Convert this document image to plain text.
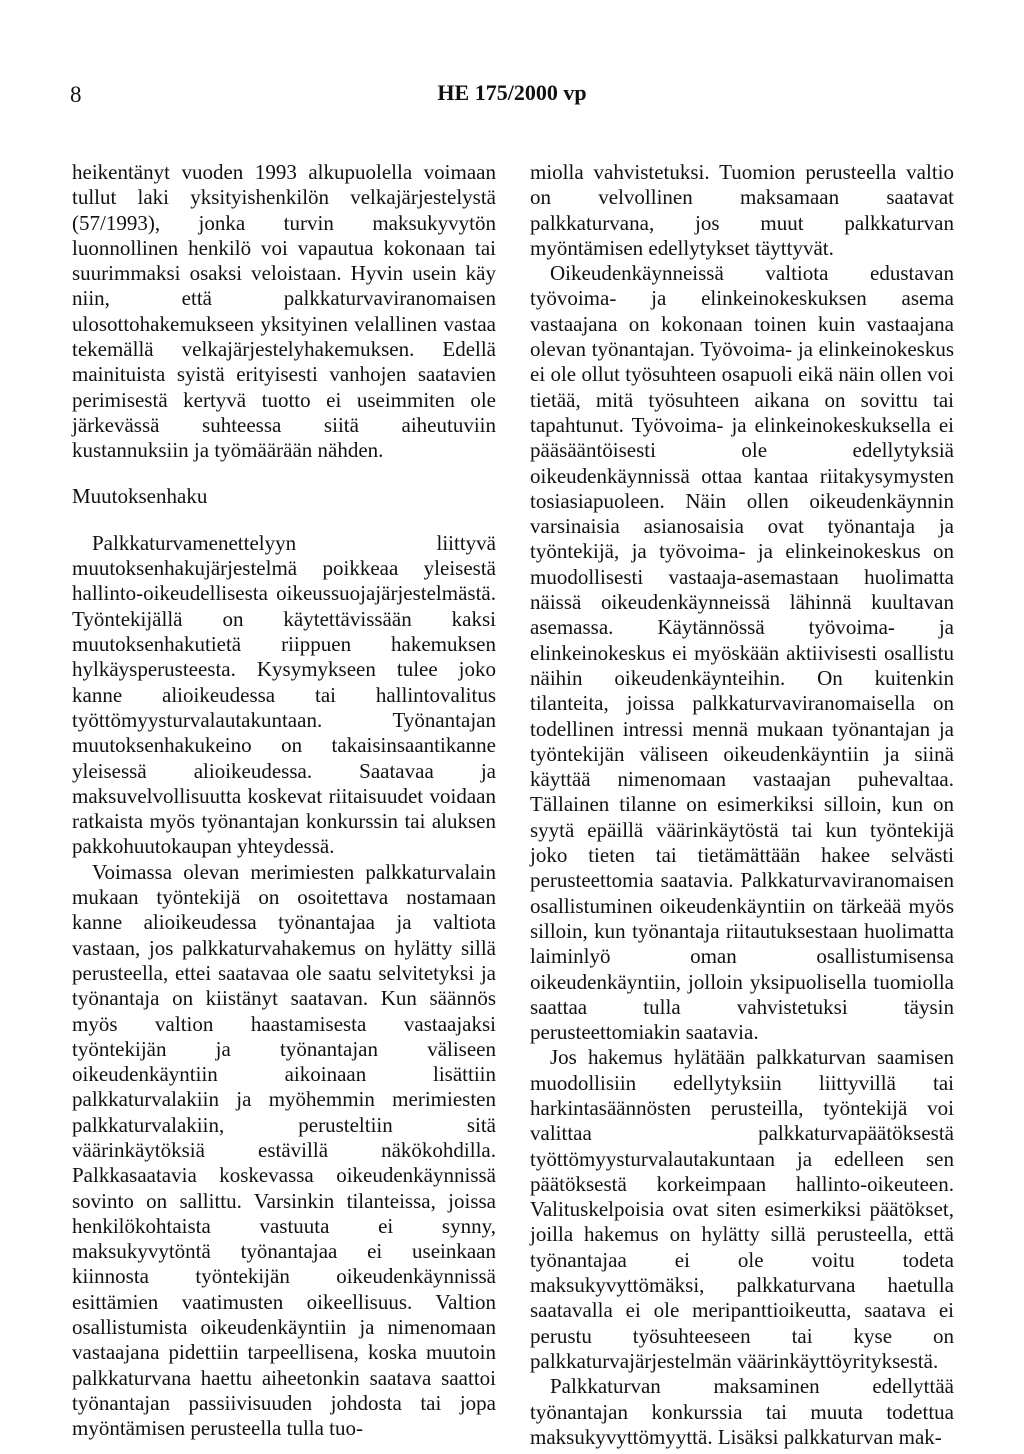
8	HE 175/2000 vp

heikentänyt vuoden 1993 alkupuolella voimaan tullut laki yksityishenkilön velkajärjestelystä (57/1993), jonka turvin maksukyvytön luonnollinen henkilö voi vapautua kokonaan tai suurimmaksi osaksi veloistaan. Hyvin usein käy niin, että palkkaturvaviranomaisen ulosottohakemukseen yksityinen velallinen vastaa tekemällä velkajärjestelyhakemuksen. Edellä mainituista syistä erityisesti vanhojen saatavien perimisestä kertyvä tuotto ei useimmiten ole järkevässä suhteessa siitä aiheutuviin kustannuksiin ja työmäärään nähden.

Muutoksenhaku

Palkkaturvamenettelyyn liittyvä muutoksenhakujärjestelmä poikkeaa yleisestä hallinto-oikeudellisesta oikeussuojajärjestelmästä. Työntekijällä on käytettävissään kaksi muutoksenhakutietä riippuen hakemuksen hylkäysperusteesta. Kysymykseen tulee joko kanne alioikeudessa tai hallintovalitus työttömyysturvalautakuntaan. Työnantajan muutoksenhakukeino on takaisinsaantikanne yleisessä alioikeudessa. Saatavaa ja maksuvelvollisuutta koskevat riitaisuudet voidaan ratkaista myös työnantajan konkurssin tai aluksen pakkohuutokaupan yhteydessä.

Voimassa olevan merimiesten palkkaturvalain mukaan työntekijä on osoitettava nostamaan kanne alioikeudessa työnantajaa ja valtiota vastaan, jos palkkaturvahakemus on hylätty sillä perusteella, ettei saatavaa ole saatu selvitetyksi ja työnantaja on kiistänyt saatavan. Kun säännös myös valtion haastamisesta vastaajaksi työntekijän ja työnantajan väliseen oikeudenkäyntiin aikoinaan lisättiin palkkaturvalakiin ja myöhemmin merimiesten palkkaturvalakiin, perusteltiin sitä väärinkäytöksiä estävillä näkökohdilla. Palkkasaatavia koskevassa oikeudenkäynnissä sovinto on sallittu. Varsinkin tilanteissa, joissa henkilökohtaista vastuuta ei synny, maksukyvytöntä työnantajaa ei useinkaan kiinnosta työntekijän oikeudenkäynnissä esittämien vaatimusten oikeellisuus. Valtion osallistumista oikeudenkäyntiin ja nimenomaan vastaajana pidettiin tarpeellisena, koska muutoin palkkaturvana haettu aiheetonkin saatava saattoi työnantajan passiivisuuden johdosta tai jopa myöntämisen perusteella tulla tuo-

miolla vahvistetuksi. Tuomion perusteella valtio on velvollinen maksamaan saatavat palkkaturvana, jos muut palkkaturvan myöntämisen edellytykset täyttyvät.

Oikeudenkäynneissä valtiota edustavan työvoima- ja elinkeinokeskuksen asema vastaajana on kokonaan toinen kuin vastaajana olevan työnantajan. Työvoima- ja elinkeinokeskus ei ole ollut työsuhteen osapuoli eikä näin ollen voi tietää, mitä työsuhteen aikana on sovittu tai tapahtunut. Työvoima- ja elinkeinokeskuksella ei pääsääntöisesti ole edellytyksiä oikeudenkäynnissä ottaa kantaa riitakysymysten tosiasiapuoleen. Näin ollen oikeudenkäynnin varsinaisia asianosaisia ovat työnantaja ja työntekijä, ja työvoima- ja elinkeinokeskus on muodollisesti vastaaja-asemastaan huolimatta näissä oikeudenkäynneissä lähinnä kuultavan asemassa. Käytännössä työvoima- ja elinkeinokeskus ei myöskään aktiivisesti osallistu näihin oikeudenkäynteihin. On kuitenkin tilanteita, joissa palkkaturvaviranomaisella on todellinen intressi mennä mukaan työnantajan ja työntekijän väliseen oikeudenkäyntiin ja siinä käyttää nimenomaan vastaajan puhevaltaa. Tällainen tilanne on esimerkiksi silloin, kun on syytä epäillä väärinkäytöstä tai kun työntekijä joko tieten tai tietämättään hakee selvästi perusteettomia saatavia. Palkkaturvaviranomaisen osallistuminen oikeudenkäyntiin on tärkeää myös silloin, kun työnantaja riitautuksestaan huolimatta laiminlyö oman osallistumisensa oikeudenkäyntiin, jolloin yksipuolisella tuomiolla saattaa tulla vahvistetuksi täysin perusteettomiakin saatavia.

Jos hakemus hylätään palkkaturvan saamisen muodollisiin edellytyksiin liittyvillä tai harkintasäännösten perusteilla, työntekijä voi valittaa palkkaturvapäätöksestä työttömyysturvalautakuntaan ja edelleen sen päätöksestä korkeimpaan hallinto-oikeuteen. Valituskelpoisia ovat siten esimerkiksi päätökset, joilla hakemus on hylätty sillä perusteella, että työnantajaa ei ole voitu todeta maksukyvyttömäksi, palkkaturvana haetulla saatavalla ei ole meripanttioikeutta, saatava ei perustu työsuhteeseen tai kyse on palkkaturvajärjestelmän väärinkäyttöyrityksestä.

Palkkaturvan maksaminen edellyttää työnantajan konkurssia tai muuta todettua maksukyvyttömyyttä. Lisäksi palkkaturvan mak-
